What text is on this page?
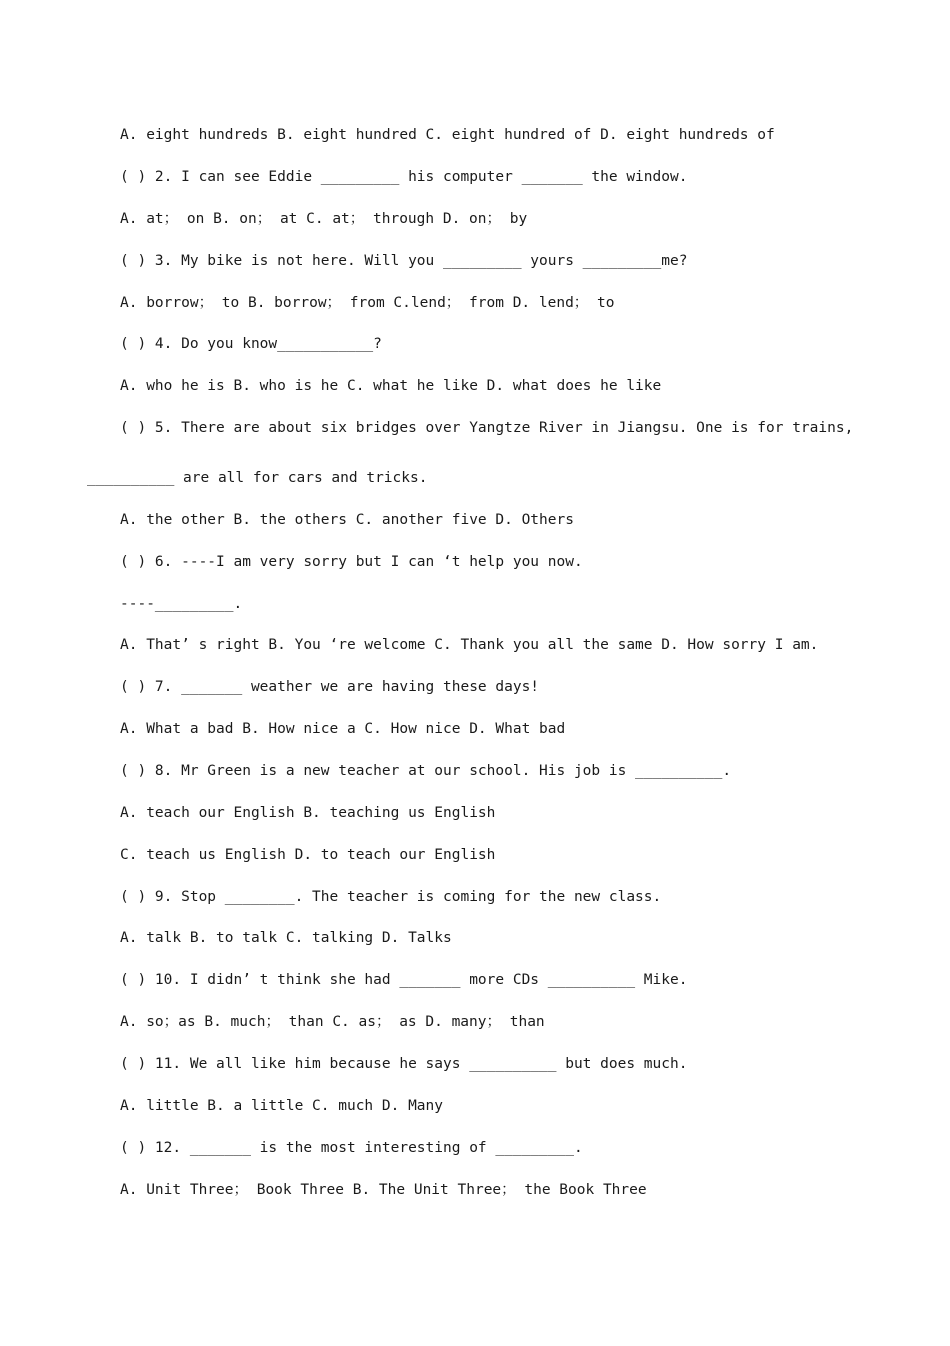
A. eight hundreds B. eight hundred C. eight hundred of D. eight hundreds of
( ) 2. I can see Eddie _________ his computer _______ the window.
A. at； on B. on； at C. at； through D. on； by
( ) 3. My bike is not here. Will you _________ yours _________me?
A. borrow； to B. borrow； from C.lend； from D. lend； to
( ) 4. Do you know___________?
A. who he is B. who is he C. what he like D. what does he like
( ) 5. There are about six bridges over Yangtze River in Jiangsu. One is for trains,
__________ are all for cars and tricks.
A. the other B. the others C. another five D. Others
( ) 6. ----I am very sorry but I can ‘t help you now.
----_________.
A. That’ s right B. You ‘re welcome C. Thank you all the same D. How sorry I am.
( ) 7. _______ weather we are having these days!
A. What a bad B. How nice a C. How nice D. What bad
( ) 8. Mr Green is a new teacher at our school. His job is __________.
A. teach our English B. teaching us English
C. teach us English D. to teach our English
( ) 9. Stop ________. The teacher is coming for the new class.
A. talk B. to talk C. talking D. Talks
( ) 10. I didn’ t think she had _______ more CDs __________ Mike.
A. so；as B. much； than C. as； as D. many； than
( ) 11. We all like him because he says __________ but does much.
A. little B. a little C. much D. Many
( ) 12. _______ is the most interesting of _________.
A. Unit Three； Book Three B. The Unit Three； the Book Three
